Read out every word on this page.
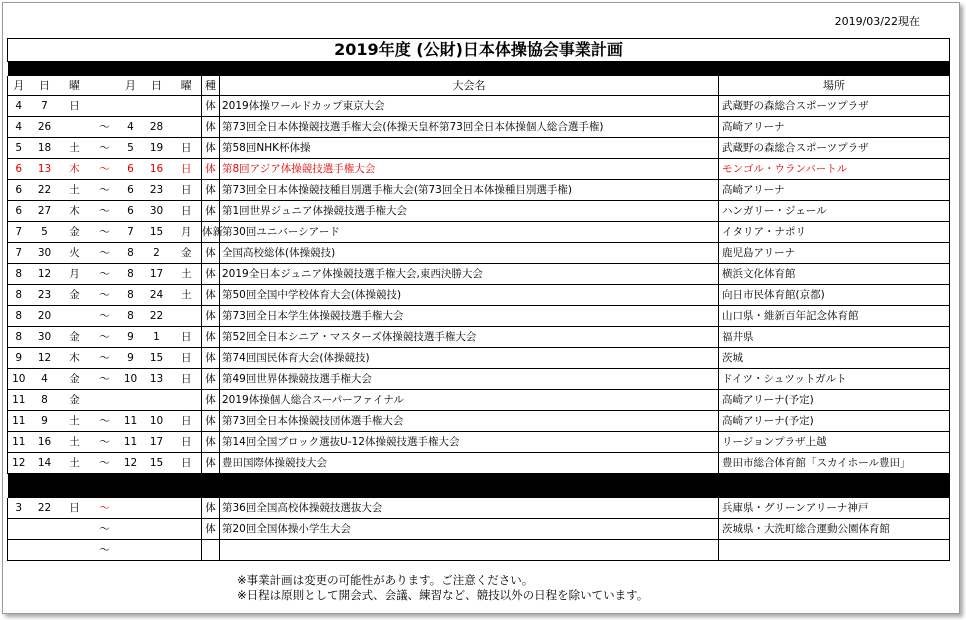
2019/03/22現在
2019年度 (公財)日本体操協会事業計画									

月	日	曜		月	日	曜	種	大会名	場所
4	7	日					体	2019体操ワールドカップ東京大会	武蔵野の森総合スポーツプラザ
4	26		～	4	28		体	第73回全日本体操競技選手権大会(体操天皇杯第73回全日本体操個人総合選手権)	高崎アリーナ
5	18	土	～	5	19	日	体	第58回NHK杯体操	武蔵野の森総合スポーツプラザ
6	13	木	～	6	16	日	体	第8回アジア体操競技選手権大会	モンゴル・ウランバートル
6	22	土	～	6	23	日	体	第73回全日本体操競技種目別選手権大会(第73回全日本体操種目別選手権)	高崎アリーナ
6	27	木	～	6	30	日	体	第1回世界ジュニア体操競技選手権大会	ハンガリー・ジェール
7	5	金	～	7	15	月	体新	第30回ユニバーシアード	イタリア・ナポリ
7	30	火	～	8	2	金	体	全国高校総体(体操競技)	鹿児島アリーナ
8	12	月	～	8	17	土	体	2019全日本ジュニア体操競技選手権大会,東西決勝大会	横浜文化体育館
8	23	金	～	8	24	土	体	第50回全国中学校体育大会(体操競技)	向日市民体育館(京都)
8	20		～	8	22		体	第73回全日本学生体操競技選手権大会	山口県・維新百年記念体育館
8	30	金	～	9	1	日	体	第52回全日本シニア・マスターズ体操競技選手権大会	福井県
9	12	木	～	9	15	日	体	第74回国民体育大会(体操競技)	茨城
10	4	金	～	10	13	日	体	第49回世界体操競技選手権大会	ドイツ・シュツットガルト
11	8	金					体	2019体操個人総合スーパーファイナル	高崎アリーナ(予定)
11	9	土	～	11	10	日	体	第73回全日本体操競技団体選手権大会	高崎アリーナ(予定)
11	16	土	～	11	17	日	体	第14回全国ブロック選抜U-12体操競技選手権大会	リージョンプラザ上越
12	14	土	～	12	15	日	体	豊田国際体操競技大会	豊田市総合体育館「スカイホール豊田」

3	22	日	～				体	第36回全国高校体操競技選抜大会	兵庫県・グリーンアリーナ神戸
			～				体	第20回全国体操小学生大会	茨城県・大洗町総合運動公園体育館
			～						
※事業計画は変更の可能性があります。ご注意ください。
※日程は原則として開会式、会議、練習など、競技以外の日程を除いています。
